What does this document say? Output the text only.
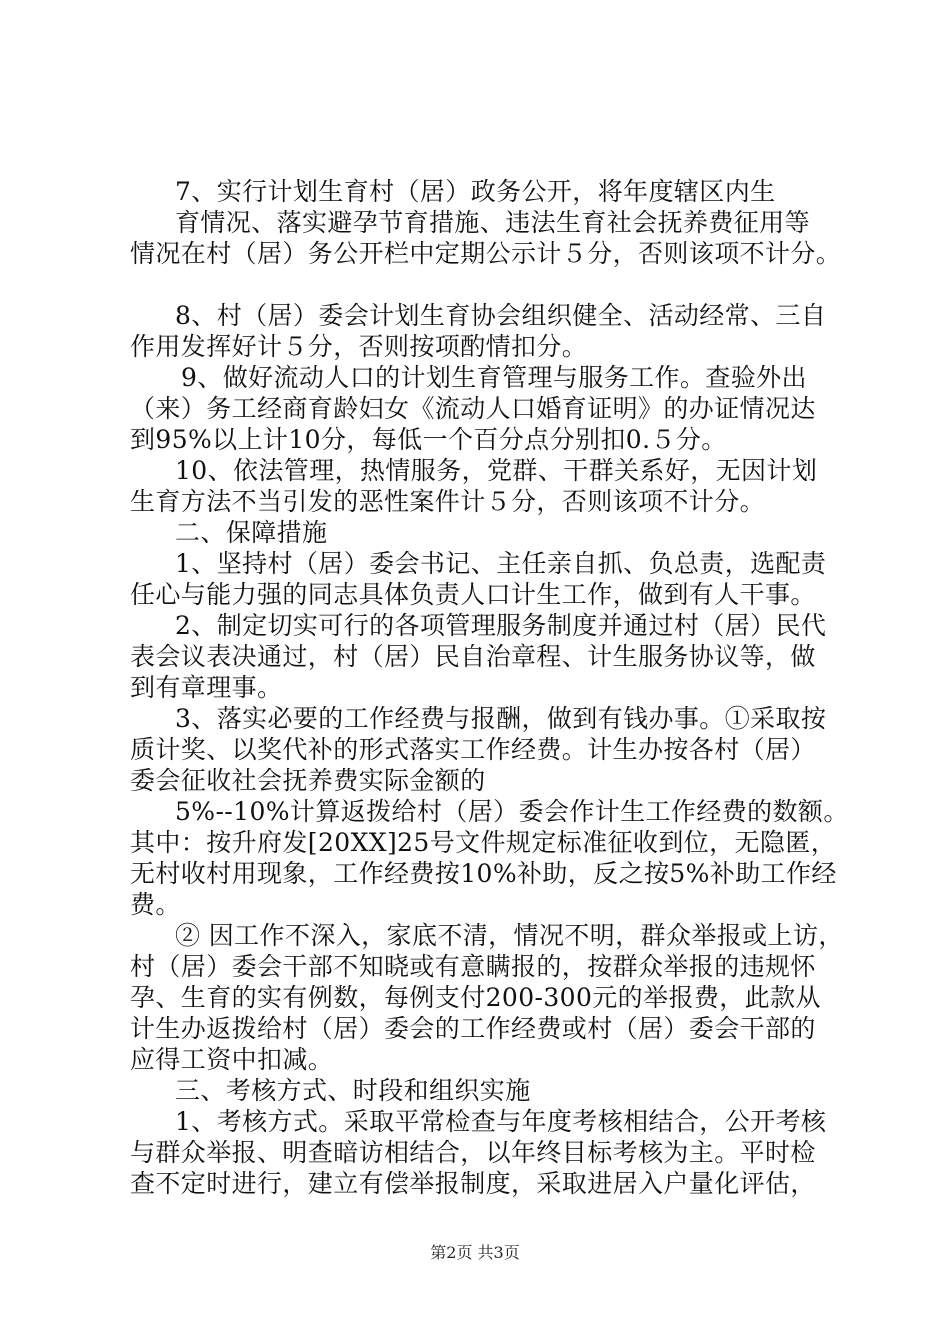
7、实行计划生育村（居）政务公开，将年度辖区内生
育情况、落实避孕节育措施、违法生育社会抚养费征用等
情况在村（居）务公开栏中定期公示计５分，否则该项不计分。
8、村（居）委会计划生育协会组织健全、活动经常、三自
作用发挥好计５分，否则按项酌情扣分。
9、做好流动人口的计划生育管理与服务工作。查验外出
（来）务工经商育龄妇女《流动人口婚育证明》的办证情况达
到95%以上计10分，每低一个百分点分别扣0.５分。
10、依法管理，热情服务，党群、干群关系好，无因计划
生育方法不当引发的恶性案件计５分，否则该项不计分。
二、保障措施
1、坚持村（居）委会书记、主任亲自抓、负总责，选配责
任心与能力强的同志具体负责人口计生工作，做到有人干事。
2、制定切实可行的各项管理服务制度并通过村（居）民代
表会议表决通过，村（居）民自治章程、计生服务协议等，做
到有章理事。
3、落实必要的工作经费与报酬，做到有钱办事。①采取按
质计奖、以奖代补的形式落实工作经费。计生办按各村（居）
委会征收社会抚养费实际金额的
5%--10%计算返拨给村（居）委会作计生工作经费的数额。
其中：按升府发[20XX]25号文件规定标准征收到位，无隐匿，
无村收村用现象，工作经费按10%补助，反之按5%补助工作经
费。
② 因工作不深入，家底不清，情况不明，群众举报或上访，
村（居）委会干部不知晓或有意瞒报的，按群众举报的违规怀
孕、生育的实有例数，每例支付200-300元的举报费，此款从
计生办返拨给村（居）委会的工作经费或村（居）委会干部的
应得工资中扣减。
三、考核方式、时段和组织实施
1、考核方式。采取平常检查与年度考核相结合，公开考核
与群众举报、明查暗访相结合，以年终目标考核为主。平时检
查不定时进行，建立有偿举报制度，采取进居入户量化评估，
第2页 共3页
